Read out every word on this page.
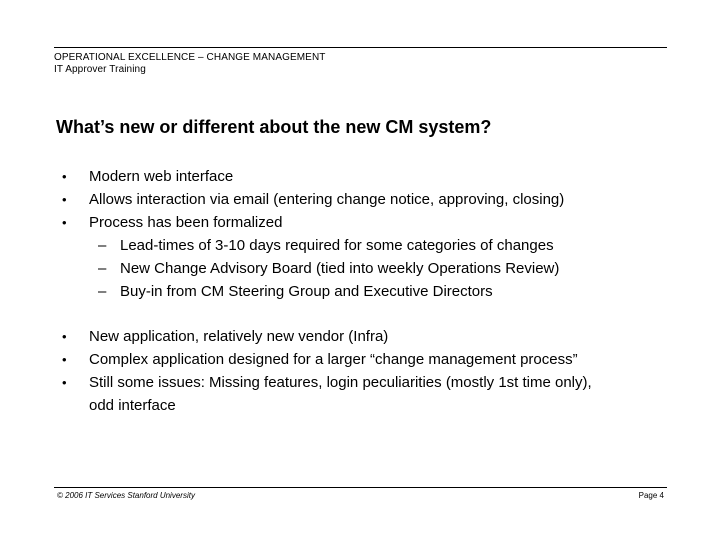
OPERATIONAL EXCELLENCE – CHANGE MANAGEMENT
IT Approver Training
What’s new or different about the new CM system?
• Modern web interface
• Allows interaction via email (entering change notice, approving, closing)
• Process has been formalized
– Lead-times of 3-10 days required for some categories of changes
– New Change Advisory Board (tied into weekly Operations Review)
– Buy-in from CM Steering Group and Executive Directors
• New application, relatively new vendor (Infra)
• Complex application designed for a larger “change management process”
• Still some issues: Missing features, login peculiarities (mostly 1st time only),
odd interface
© 2006 IT Services Stanford University	Page 4
